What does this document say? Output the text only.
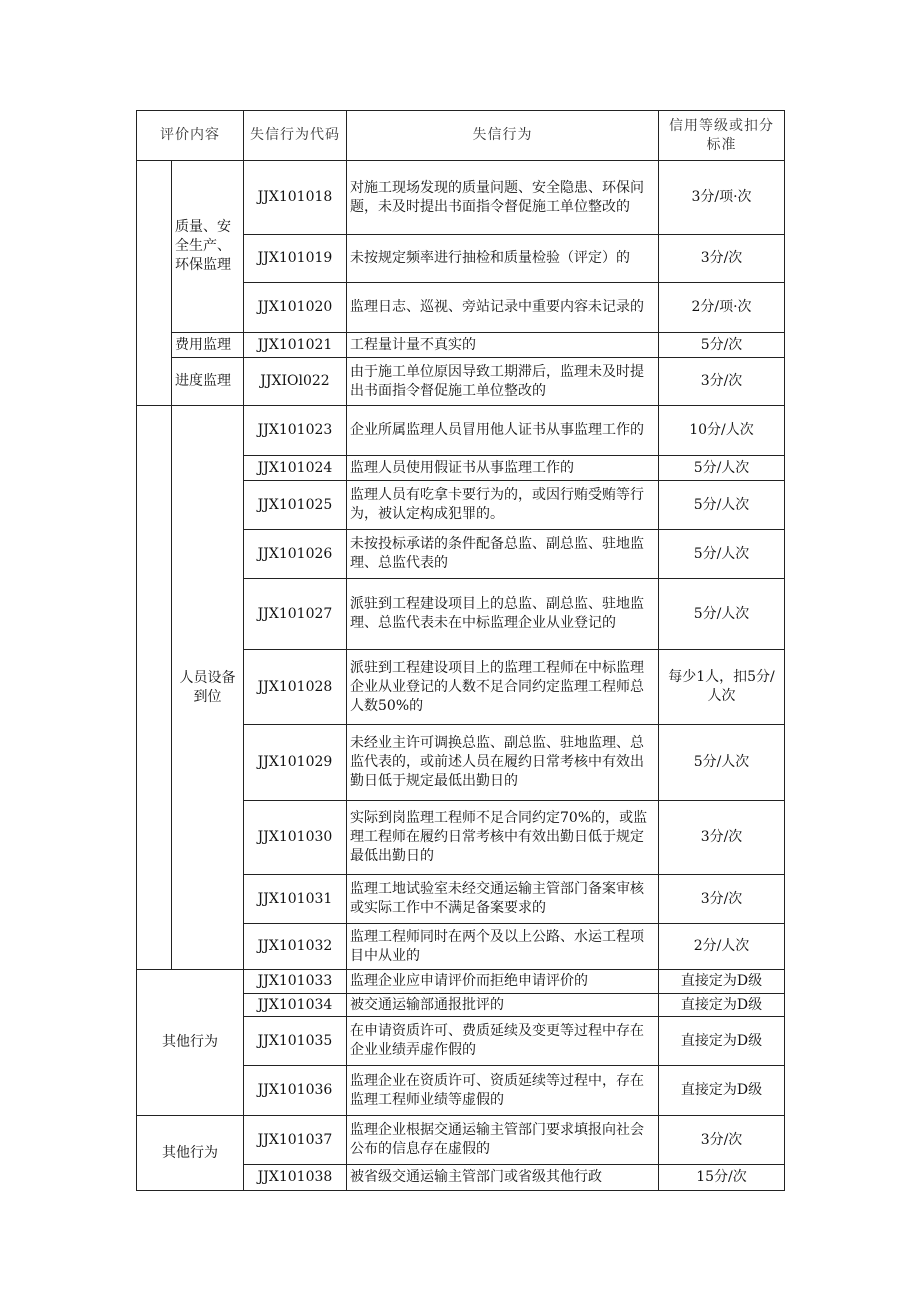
评价内容		失信行为代码	失信行为	信用等级或扣分标准
	质量、安全生产、环保监理	JJX101018	对施工现场发现的质量问题、安全隐患、环保问题，未及时提出书面指令督促施工单位整改的	3分/项·次
		JJX101019	未按规定频率进行抽检和质量检验（评定）的	3分/次
		JJX101020	监理日志、巡视、旁站记录中重要内容未记录的	2分/项·次
	费用监理	JJX101021	工程量计量不真实的	5分/次
	进度监理	JJXIOl022	由于施工单位原因导致工期滞后，监理未及时提出书面指令督促施工单位整改的	3分/次
	人员设备到位	JJX101023	企业所属监理人员冒用他人证书从事监理工作的	10分/人次
		JJX101024	监理人员使用假证书从事监理工作的	5分/人次
		JJX101025	监理人员有吃拿卡要行为的，或因行贿受贿等行为，被认定构成犯罪的。	5分/人次
		JJX101026	未按投标承诺的条件配备总监、副总监、驻地监理、总监代表的	5分/人次
		JJX101027	派驻到工程建设项目上的总监、副总监、驻地监理、总监代表未在中标监理企业从业登记的	5分/人次
		JJX101028	派驻到工程建设项目上的监理工程师在中标监理企业从业登记的人数不足合同约定监理工程师总人数50%的	每少1人，扣5分/人次
		JJX101029	未经业主许可调换总监、副总监、驻地监理、总监代表的，或前述人员在履约日常考核中有效出勤日低于规定最低出勤日的	5分/人次
		JJX101030	实际到岗监理工程师不足合同约定70%的，或监理工程师在履约日常考核中有效出勤日低于规定最低出勤日的	3分/次
		JJX101031	监理工地试验室未经交通运输主管部门备案审核或实际工作中不满足备案要求的	3分/次
		JJX101032	监理工程师同时在两个及以上公路、水运工程项目中从业的	2分/人次
其他行为		JJX101033	监理企业应申请评价而拒绝申请评价的	直接定为D级
		JJX101034	被交通运输部通报批评的	直接定为D级
		JJX101035	在申请资质许可、费质延续及变更等过程中存在企业业绩弄虚作假的	直接定为D级
		JJX101036	监理企业在资质许可、资质延续等过程中，存在监理工程师业绩等虚假的	直接定为D级
其他行为		JJX101037	监理企业根据交通运输主管部门要求填报向社会公布的信息存在虚假的	3分/次
		JJX101038	被省级交通运输主管部门或省级其他行政	15分/次
